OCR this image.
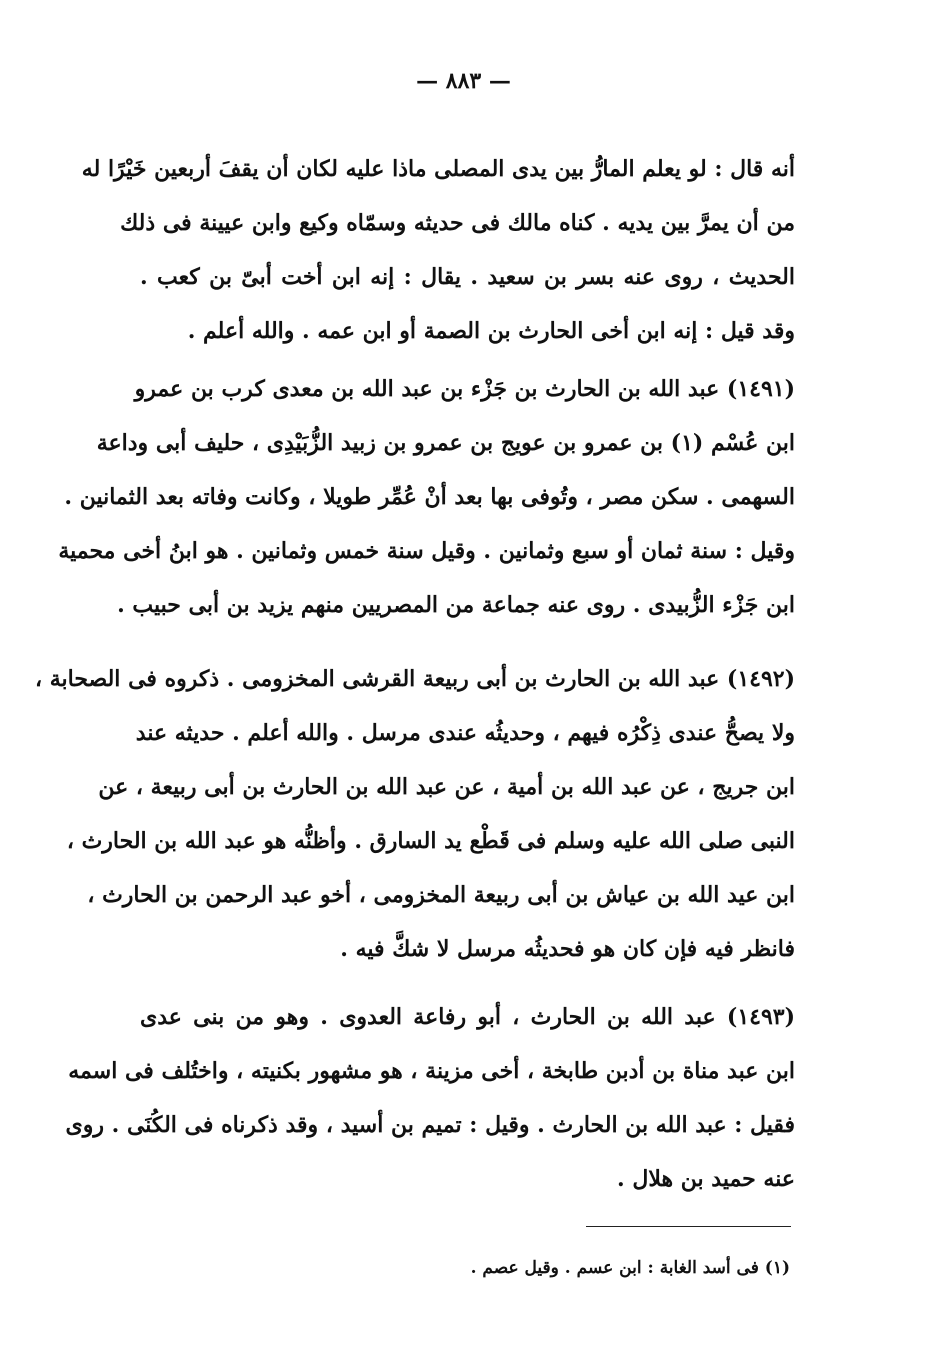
— ٨٨٣ —
أنه قال : لو يعلم المارُّ بين يدى المصلى ماذا عليه لكان أن يقفَ أربعين خَيْرًا له
من أن يمرَّ بين يديه . كناه مالك فى حديثه وسمّاه وكيع وابن عيينة فى ذلك
الحديث ، روى عنه بسر بن سعيد . يقال : إنه ابن أخت أبىّ بن كعب .
وقد قيل : إنه ابن أخى الحارث بن الصمة أو ابن عمه . والله أعلم .
(١٤٩١) عبد الله بن الحارث بن جَزْء بن عبد الله بن معدى كرب بن عمرو
ابن عُسْم (١) بن عمرو بن عويج بن عمرو بن زبيد الزُّبَيْدِى ، حليف أبى وداعة
السهمى . سكن مصر ، وتُوفى بها بعد أنْ عُمِّر طويلا ، وكانت وفاته بعد الثمانين .
وقيل : سنة ثمان أو سبع وثمانين . وقيل سنة خمس وثمانين . هو ابنُ أخى محمية
ابن جَزْء الزُّبيدى . روى عنه جماعة من المصريين منهم يزيد بن أبى حبيب .
(١٤٩٢) عبد الله بن الحارث بن أبى ربيعة القرشى المخزومى . ذكروه فى الصحابة ،
ولا يصحُّ عندى ذِكْرُه فيهم ، وحديثُه عندى مرسل . والله أعلم . حديثه عند
ابن جريج ، عن عبد الله بن أمية ، عن عبد الله بن الحارث بن أبى ربيعة ، عن
النبى صلى الله عليه وسلم فى قَطْع يد السارق . وأظنُّه هو عبد الله بن الحارث ،
ابن عيد الله بن عياش بن أبى ربيعة المخزومى ، أخو عبد الرحمن بن الحارث ،
فانظر فيه فإن كان هو فحديثُه مرسل لا شكَّ فيه .
(١٤٩٣) عبد الله بن الحارث ، أبو رفاعة العدوى . وهو من بنى عدى
ابن عبد مناة بن أدبن طابخة ، أخى مزينة ، هو مشهور بكنيته ، واختُلف فى اسمه
فقيل : عبد الله بن الحارث . وقيل : تميم بن أسيد ، وقد ذكرناه فى الكُنَى . روى
عنه حميد بن هلال .
(١) فى أسد الغابة : ابن عسم . وقيل عصم .
